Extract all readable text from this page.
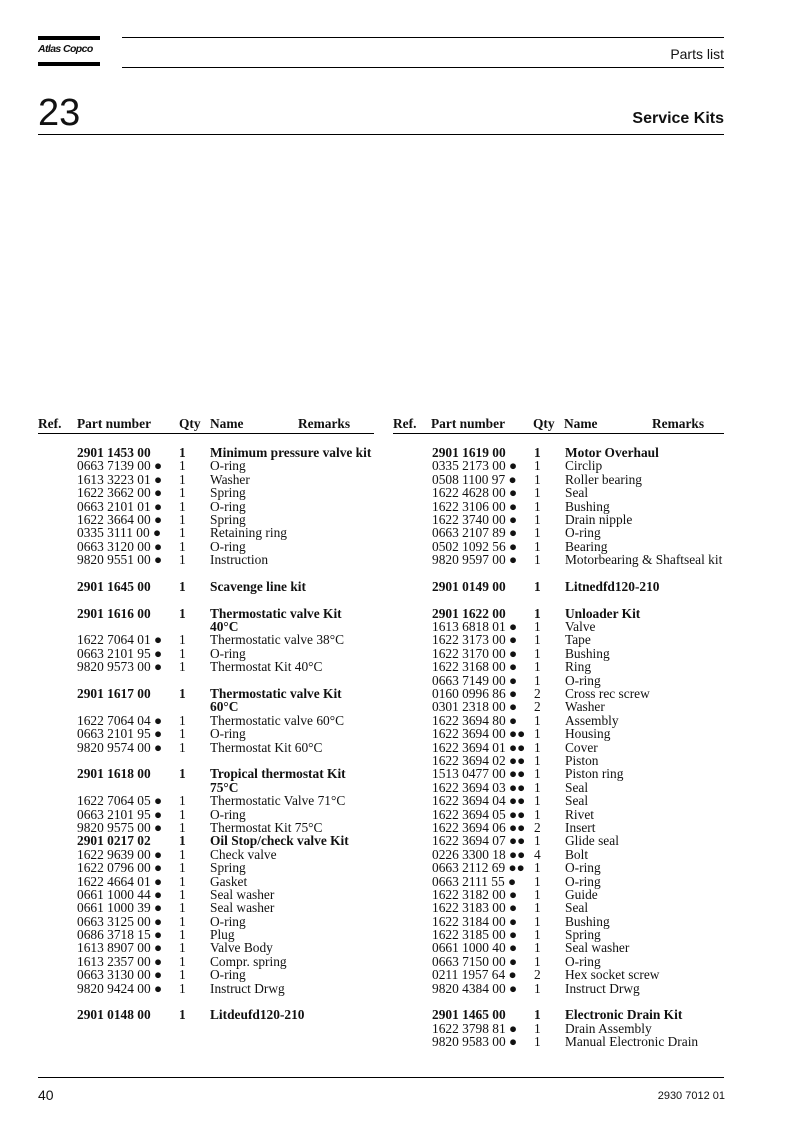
Atlas Copco	Parts list
23	Service Kits
Ref. Part number Qty Name	Remarks
2901 1453 00 1 Minimum pressure valve kit
0663 7139 00 ● 1 O-ring
1613 3223 01 ● 1 Washer
1622 3662 00 ● 1 Spring
0663 2101 01 ● 1 O-ring
1622 3664 00 ● 1 Spring
0335 3111 00 ● 1 Retaining ring
0663 3120 00 ● 1 O-ring
9820 9551 00 ● 1 Instruction
2901 1645 00 1 Scavenge line kit
2901 1616 00 1 Thermostatic valve Kit
40°C
1622 7064 01 ● 1 Thermostatic valve 38°C
0663 2101 95 ● 1 O-ring
9820 9573 00 ● 1 Thermostat Kit 40°C
2901 1617 00 1 Thermostatic valve Kit
60°C
1622 7064 04 ● 1 Thermostatic valve 60°C
0663 2101 95 ● 1 O-ring
9820 9574 00 ● 1 Thermostat Kit 60°C
2901 1618 00 1 Tropical thermostat Kit
75°C
1622 7064 05 ● 1 Thermostatic Valve 71°C
0663 2101 95 ● 1 O-ring
9820 9575 00 ● 1 Thermostat Kit 75°C
2901 0217 02 1 Oil Stop/check valve Kit
1622 9639 00 ● 1 Check valve
1622 0796 00 ● 1 Spring
1622 4664 01 ● 1 Gasket
0661 1000 44 ● 1 Seal washer
0661 1000 39 ● 1 Seal washer
0663 3125 00 ● 1 O-ring
0686 3718 15 ● 1 Plug
1613 8907 00 ● 1 Valve Body
1613 2357 00 ● 1 Compr. spring
0663 3130 00 ● 1 O-ring
9820 9424 00 ● 1 Instruct Drwg
2901 0148 00 1 Litdeufd120-210
Ref. Part number Qty Name	Remarks
2901 1619 00 1 Motor Overhaul
0335 2173 00 ● 1 Circlip
0508 1100 97 ● 1 Roller bearing
1622 4628 00 ● 1 Seal
1622 3106 00 ● 1 Bushing
1622 3740 00 ● 1 Drain nipple
0663 2107 89 ● 1 O-ring
0502 1092 56 ● 1 Bearing
9820 9597 00 ● 1 Motorbearing & Shaftseal kit
2901 0149 00 1 Litnedfd120-210
2901 1622 00 1 Unloader Kit
1613 6818 01 ● 1 Valve
1622 3173 00 ● 1 Tape
1622 3170 00 ● 1 Bushing
1622 3168 00 ● 1 Ring
0663 7149 00 ● 1 O-ring
0160 0996 86 ● 2 Cross rec screw
0301 2318 00 ● 2 Washer
1622 3694 80 ● 1 Assembly
1622 3694 00 ●● 1 Housing
1622 3694 01 ●● 1 Cover
1622 3694 02 ●● 1 Piston
1513 0477 00 ●● 1 Piston ring
1622 3694 03 ●● 1 Seal
1622 3694 04 ●● 1 Seal
1622 3694 05 ●● 1 Rivet
1622 3694 06 ●● 2 Insert
1622 3694 07 ●● 1 Glide seal
0226 3300 18 ●● 4 Bolt
0663 2112 69 ●● 1 O-ring
0663 2111 55 ● 1 O-ring
1622 3182 00 ● 1 Guide
1622 3183 00 ● 1 Seal
1622 3184 00 ● 1 Bushing
1622 3185 00 ● 1 Spring
0661 1000 40 ● 1 Seal washer
0663 7150 00 ● 1 O-ring
0211 1957 64 ● 2 Hex socket screw
9820 4384 00 ● 1 Instruct Drwg
2901 1465 00 1 Electronic Drain Kit
1622 3798 81 ● 1 Drain Assembly
9820 9583 00 ● 1 Manual Electronic Drain
40	2930 7012 01
